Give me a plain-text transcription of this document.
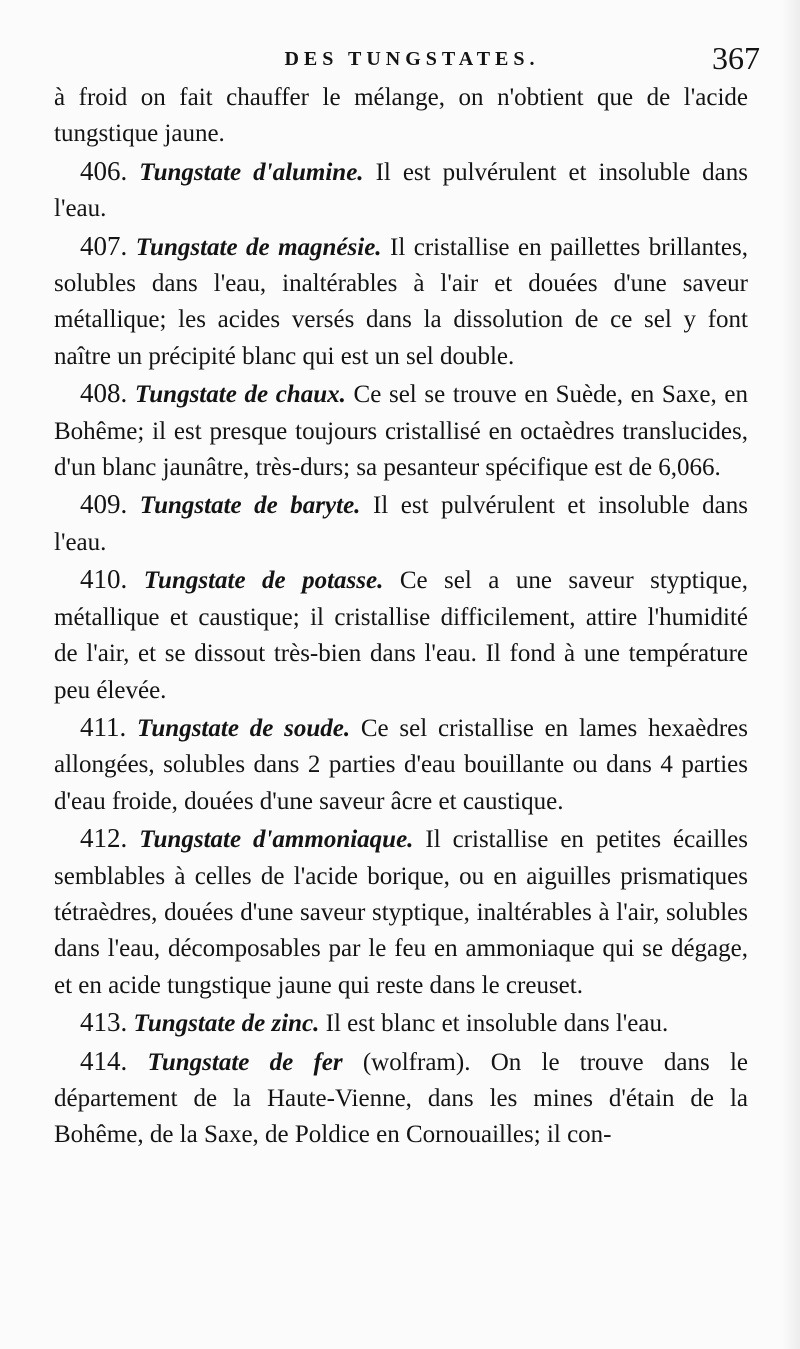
DES TUNGSTATES.	367

à froid on fait chauffer le mélange, on n'obtient que de l'acide tungstique jaune.

406. Tungstate d'alumine. Il est pulvérulent et insoluble dans l'eau.

407. Tungstate de magnésie. Il cristallise en paillettes brillantes, solubles dans l'eau, inaltérables à l'air et douées d'une saveur métallique; les acides versés dans la dissolution de ce sel y font naître un précipité blanc qui est un sel double.

408. Tungstate de chaux. Ce sel se trouve en Suède, en Saxe, en Bohême; il est presque toujours cristallisé en octaèdres translucides, d'un blanc jaunâtre, très-durs; sa pesanteur spécifique est de 6,066.

409. Tungstate de baryte. Il est pulvérulent et insoluble dans l'eau.

410. Tungstate de potasse. Ce sel a une saveur styptique, métallique et caustique; il cristallise difficilement, attire l'humidité de l'air, et se dissout très-bien dans l'eau. Il fond à une température peu élevée.

411. Tungstate de soude. Ce sel cristallise en lames hexaèdres allongées, solubles dans 2 parties d'eau bouillante ou dans 4 parties d'eau froide, douées d'une saveur âcre et caustique.

412. Tungstate d'ammoniaque. Il cristallise en petites écailles semblables à celles de l'acide borique, ou en aiguilles prismatiques tétraèdres, douées d'une saveur styptique, inaltérables à l'air, solubles dans l'eau, décomposables par le feu en ammoniaque qui se dégage, et en acide tungstique jaune qui reste dans le creuset.

413. Tungstate de zinc. Il est blanc et insoluble dans l'eau.

414. Tungstate de fer (wolfram). On le trouve dans le département de la Haute-Vienne, dans les mines d'étain de la Bohême, de la Saxe, de Poldice en Cornouailles; il con-
